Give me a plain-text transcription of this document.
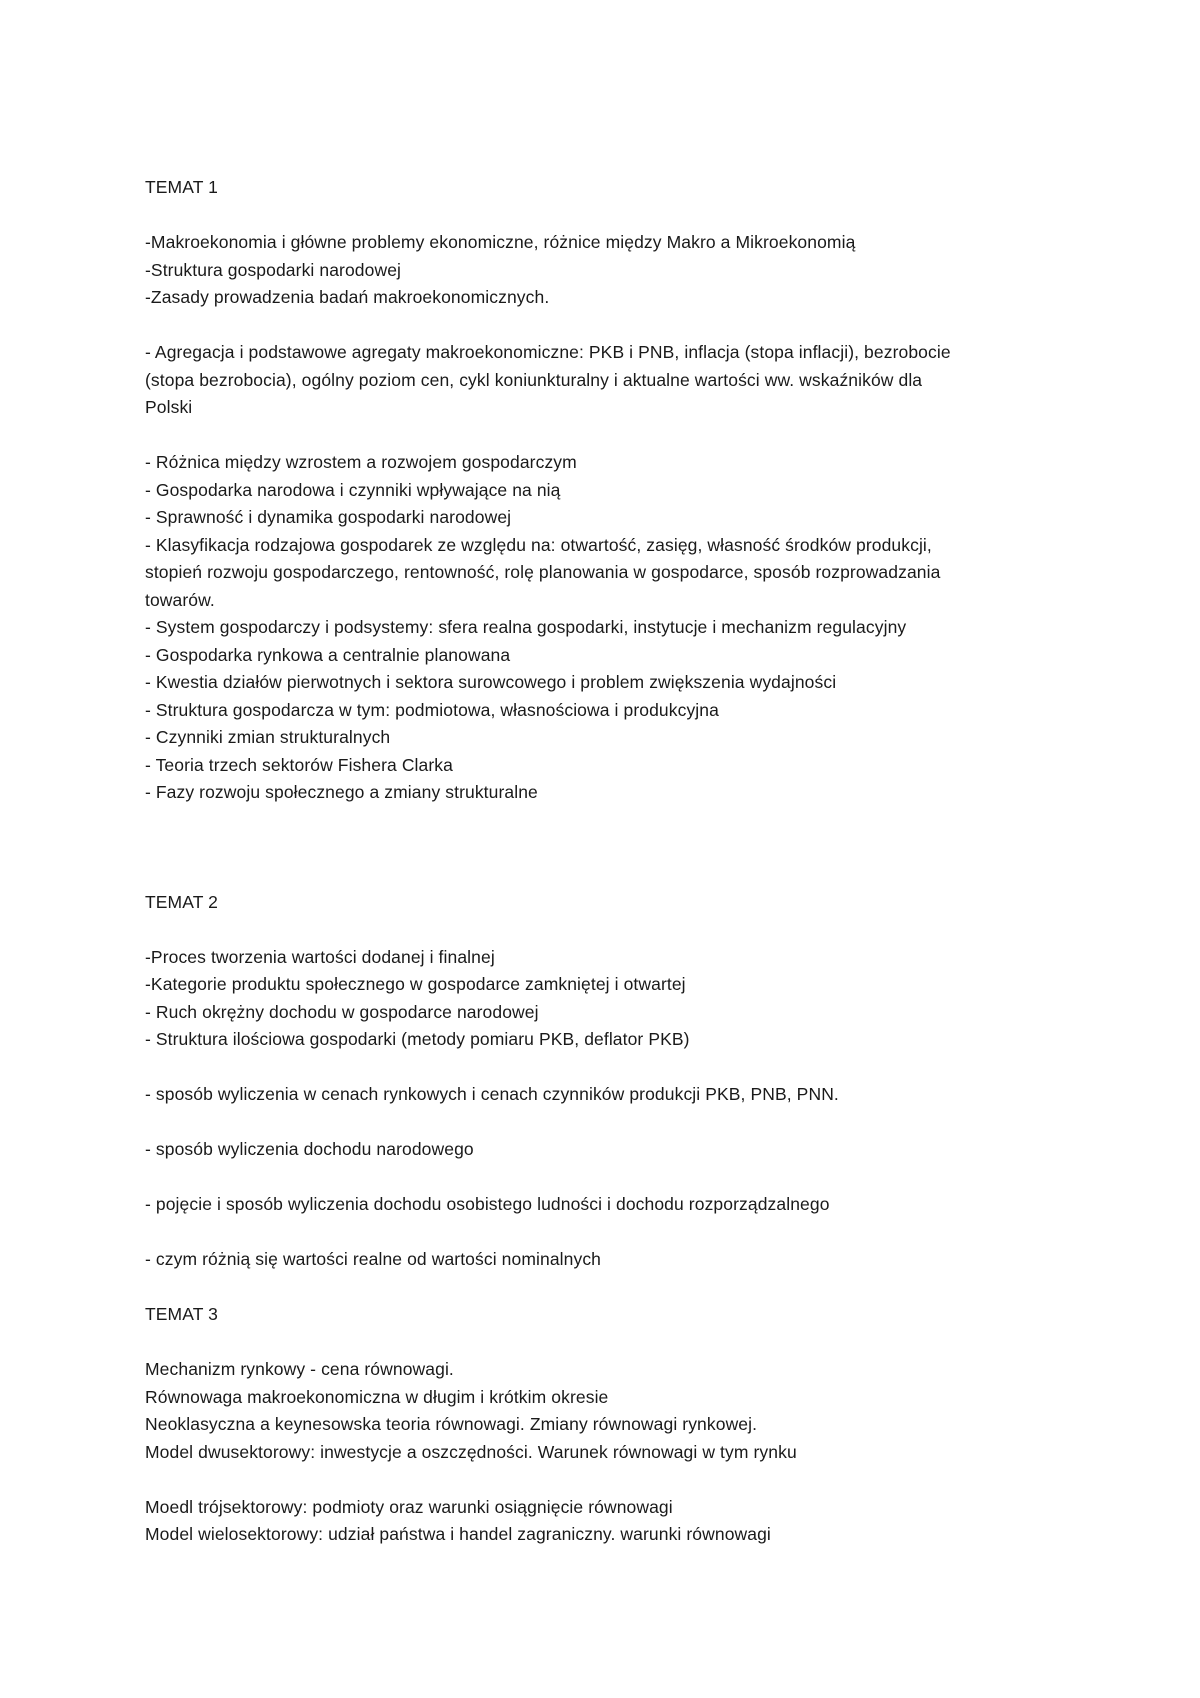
TEMAT 1
-Makroekonomia i główne problemy ekonomiczne, różnice między Makro a Mikroekonomią
-Struktura gospodarki narodowej
-Zasady prowadzenia badań makroekonomicznych.
- Agregacja i podstawowe agregaty makroekonomiczne: PKB i PNB, inflacja (stopa inflacji), bezrobocie
(stopa bezrobocia), ogólny poziom cen, cykl koniunkturalny i aktualne wartości ww. wskaźników dla
Polski
- Różnica między wzrostem a rozwojem gospodarczym
- Gospodarka narodowa i czynniki wpływające na nią
- Sprawność i dynamika gospodarki narodowej
- Klasyfikacja rodzajowa gospodarek ze względu na: otwartość, zasięg, własność środków produkcji,
stopień rozwoju gospodarczego, rentowność, rolę planowania w gospodarce, sposób rozprowadzania
towarów.
- System gospodarczy i podsystemy: sfera realna gospodarki, instytucje i mechanizm regulacyjny
- Gospodarka rynkowa a centralnie planowana
- Kwestia działów pierwotnych i sektora surowcowego i problem zwiększenia wydajności
- Struktura gospodarcza w tym: podmiotowa, własnościowa i produkcyjna
- Czynniki zmian strukturalnych
- Teoria trzech sektorów Fishera Clarka
- Fazy rozwoju społecznego a zmiany strukturalne
TEMAT 2
-Proces tworzenia wartości dodanej i finalnej
-Kategorie produktu społecznego w gospodarce zamkniętej i otwartej
- Ruch okrężny dochodu w gospodarce narodowej
- Struktura ilościowa gospodarki (metody pomiaru PKB, deflator PKB)
- sposób wyliczenia w cenach rynkowych i cenach czynników produkcji PKB, PNB, PNN.
- sposób wyliczenia dochodu narodowego
- pojęcie i sposób wyliczenia dochodu osobistego ludności i dochodu rozporządzalnego
- czym różnią się wartości realne od wartości nominalnych
TEMAT 3
Mechanizm rynkowy - cena równowagi.
Równowaga makroekonomiczna w długim i krótkim okresie
Neoklasyczna a keynesowska teoria równowagi. Zmiany równowagi rynkowej.
Model dwusektorowy: inwestycje a oszczędności. Warunek równowagi w tym rynku
Moedl trójsektorowy: podmioty oraz warunki osiągnięcie równowagi
Model wielosektorowy: udział państwa i handel zagraniczny. warunki równowagi
